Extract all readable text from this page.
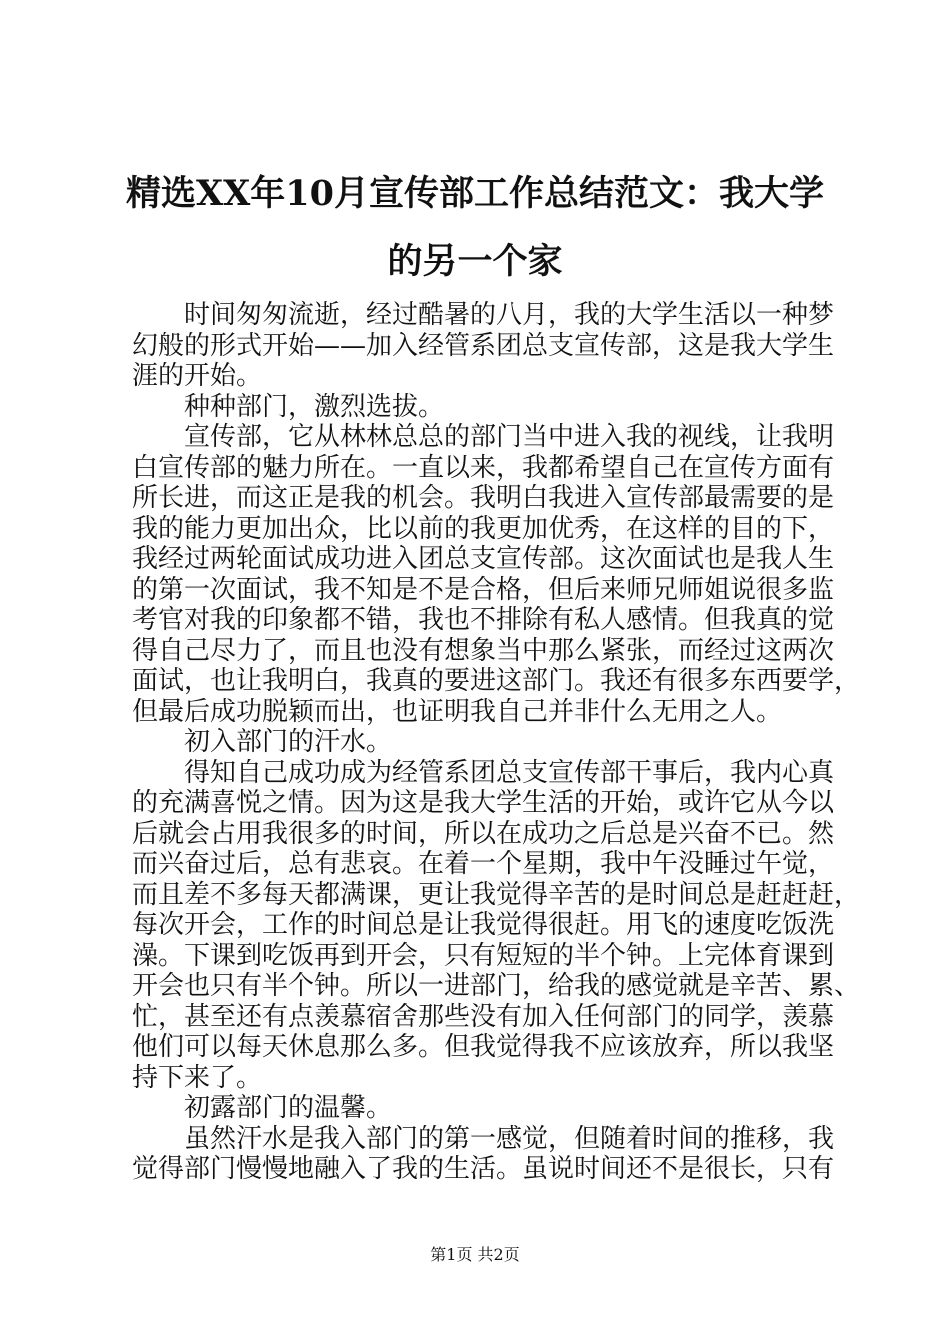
精选XX年10月宣传部工作总结范文：我大学
的另一个家
　　时间匆匆流逝，经过酷暑的八月，我的大学生活以一种梦
幻般的形式开始——加入经管系团总支宣传部，这是我大学生
涯的开始。
　　种种部门，激烈选拔。
　　宣传部，它从林林总总的部门当中进入我的视线，让我明
白宣传部的魅力所在。一直以来，我都希望自己在宣传方面有
所长进，而这正是我的机会。我明白我进入宣传部最需要的是
我的能力更加出众，比以前的我更加优秀，在这样的目的下，
我经过两轮面试成功进入团总支宣传部。这次面试也是我人生
的第一次面试，我不知是不是合格，但后来师兄师姐说很多监
考官对我的印象都不错，我也不排除有私人感情。但我真的觉
得自己尽力了，而且也没有想象当中那么紧张，而经过这两次
面试，也让我明白，我真的要进这部门。我还有很多东西要学，
但最后成功脱颖而出，也证明我自己并非什么无用之人。
　　初入部门的汗水。
　　得知自己成功成为经管系团总支宣传部干事后，我内心真
的充满喜悦之情。因为这是我大学生活的开始，或许它从今以
后就会占用我很多的时间，所以在成功之后总是兴奋不已。然
而兴奋过后，总有悲哀。在着一个星期，我中午没睡过午觉，
而且差不多每天都满课，更让我觉得辛苦的是时间总是赶赶赶，
每次开会，工作的时间总是让我觉得很赶。用飞的速度吃饭洗
澡。下课到吃饭再到开会，只有短短的半个钟。上完体育课到
开会也只有半个钟。所以一进部门，给我的感觉就是辛苦、累、
忙，甚至还有点羡慕宿舍那些没有加入任何部门的同学，羡慕
他们可以每天休息那么多。但我觉得我不应该放弃，所以我坚
持下来了。
　　初露部门的温馨。
　　虽然汗水是我入部门的第一感觉，但随着时间的推移，我
觉得部门慢慢地融入了我的生活。虽说时间还不是很长，只有
第1页 共2页
